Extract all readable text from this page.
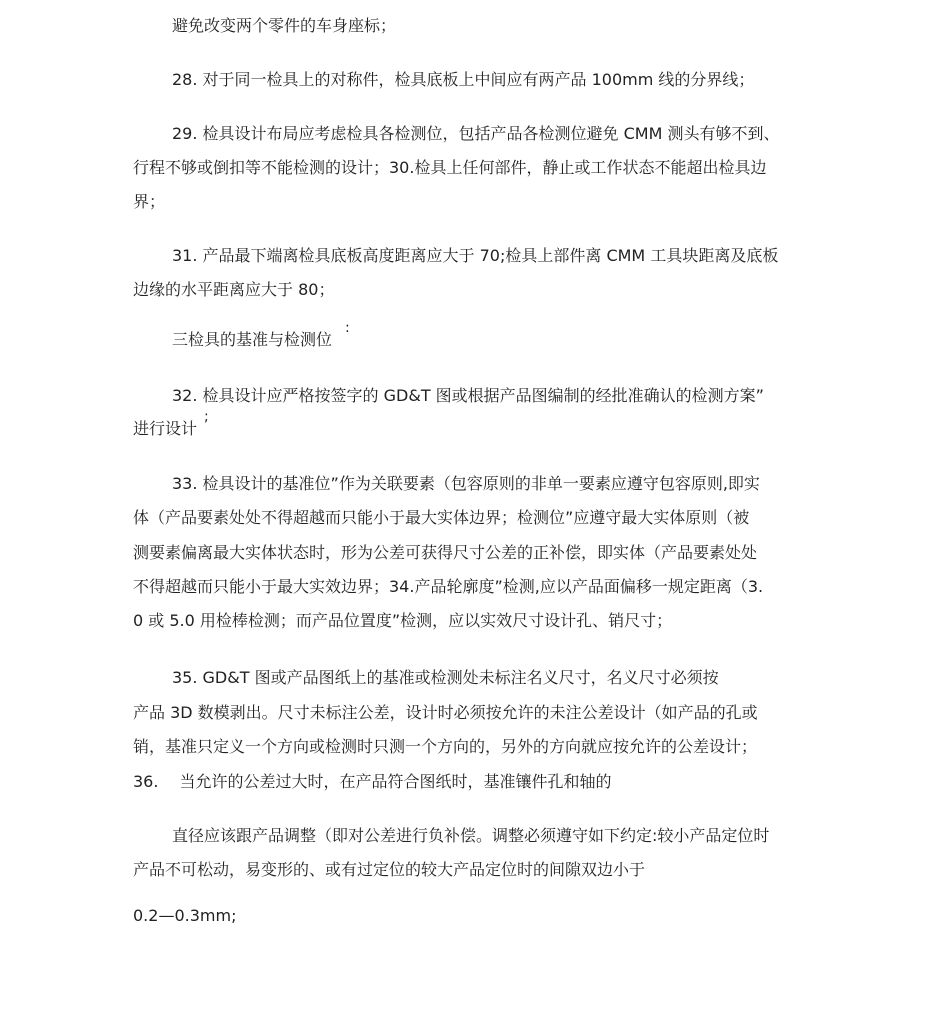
避免改变两个零件的车身座标；
28. 对于同一检具上的对称件，检具底板上中间应有两产品 100mm 线的分界线；
29. 检具设计布局应考虑检具各检测位，包括产品各检测位避免 CMM 测头有够不到、
行程不够或倒扣等不能检测的设计；30.检具上任何部件，静止或工作状态不能超出检具边
界；
31. 产品最下端离检具底板高度距离应大于 70;检具上部件离 CMM 工具块距离及底板
边缘的水平距离应大于 80；
三检具的基准与检测位
:
32. 检具设计应严格按签字的 GD&T 图或根据产品图编制的经批准确认的检测方案”
进行设计
;
33. 检具设计的基准位”作为关联要素（包容原则的非单一要素应遵守包容原则,即实
体（产品要素处处不得超越而只能小于最大实体边界；检测位”应遵守最大实体原则（被
测要素偏离最大实体状态时，形为公差可获得尺寸公差的正补偿，即实体（产品要素处处
不得超越而只能小于最大实效边界；34.产品轮廓度”检测,应以产品面偏移一规定距离（3.
0 或 5.0 用检棒检测；而产品位置度”检测，应以实效尺寸设计孔、销尺寸；
35. GD&T 图或产品图纸上的基准或检测处未标注名义尺寸，名义尺寸必须按
产品 3D 数模剥出。尺寸未标注公差，设计时必须按允许的未注公差设计（如产品的孔或
销，基准只定义一个方向或检测时只测一个方向的，另外的方向就应按允许的公差设计；
36.　 当允许的公差过大时，在产品符合图纸时，基准镶件孔和轴的
直径应该跟产品调整（即对公差进行负补偿。调整必须遵守如下约定:较小产品定位时
产品不可松动，易变形的、或有过定位的较大产品定位时的间隙双边小于
0.2—0.3mm;
